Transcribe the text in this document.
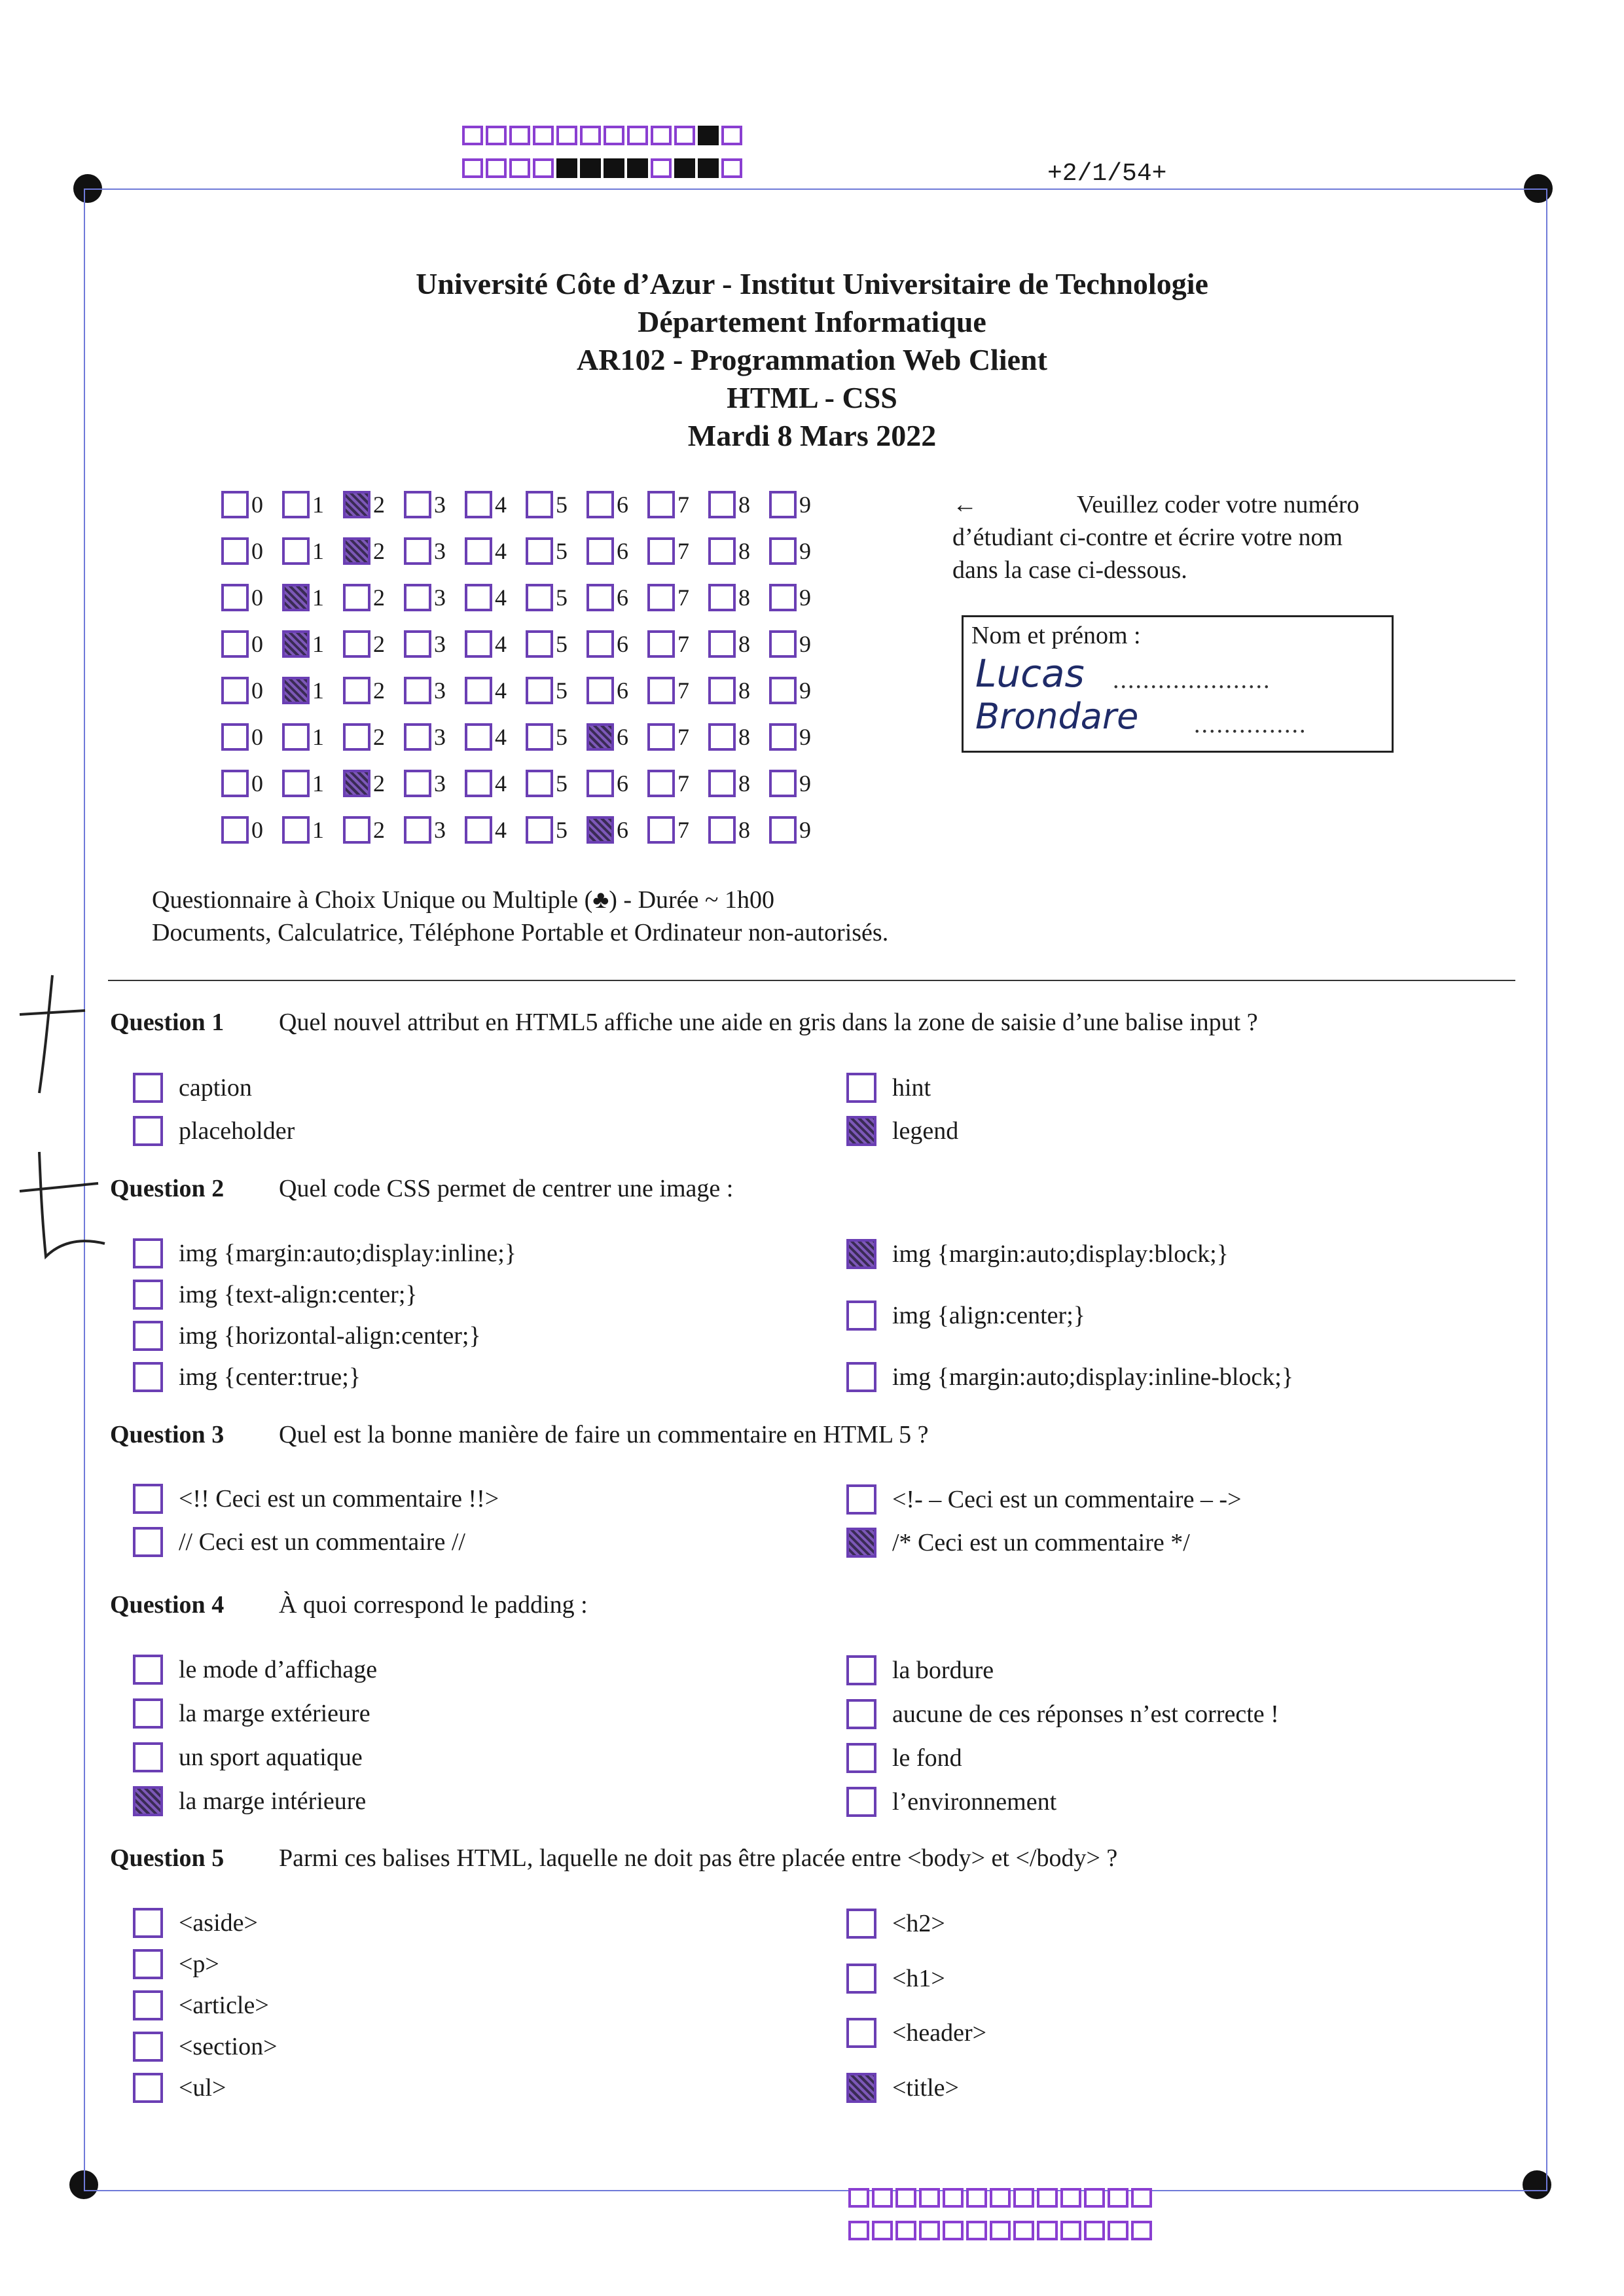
+2/1/54+
Université Côte d’Azur - Institut Universitaire de Technologie
Département Informatique
AR102 - Programmation Web Client
HTML - CSS
Mardi 8 Mars 2022
0 1 2 3 4 5 6 7 8 9
0 1 2 3 4 5 6 7 8 9
0 1 2 3 4 5 6 7 8 9
0 1 2 3 4 5 6 7 8 9
0 1 2 3 4 5 6 7 8 9
0 1 2 3 4 5 6 7 8 9
0 1 2 3 4 5 6 7 8 9
0 1 2 3 4 5 6 7 8 9
←	Veuillez coder votre numéro
d’étudiant ci-contre et écrire votre nom
dans la case ci-dessous.
Nom et prénom :
Lucas .....................
Brondare ...............
Questionnaire à Choix Unique ou Multiple (♣) - Durée ~ 1h00
Documents, Calculatrice, Téléphone Portable et Ordinateur non-autorisés.
Question 1 Quel nouvel attribut en HTML5 affiche une aide en gris dans la zone de saisie d’une balise input ?
caption
placeholder
hint
legend
Question 2 Quel code CSS permet de centrer une image :
img {margin:auto;display:inline;}
img {text-align:center;}
img {horizontal-align:center;}
img {center:true;}
img {margin:auto;display:block;}
img {align:center;}
img {margin:auto;display:inline-block;}
Question 3 Quel est la bonne manière de faire un commentaire en HTML 5 ?
<!! Ceci est un commentaire !!>
// Ceci est un commentaire //
<!- – Ceci est un commentaire – ->
/* Ceci est un commentaire */
Question 4 À quoi correspond le padding :
le mode d’affichage
la marge extérieure
un sport aquatique
la marge intérieure
la bordure
aucune de ces réponses n’est correcte !
le fond
l’environnement
Question 5 Parmi ces balises HTML, laquelle ne doit pas être placée entre <body> et </body> ?
<aside>
<p>
<article>
<section>
<ul>
<h2>
<h1>
<header>
<title>
